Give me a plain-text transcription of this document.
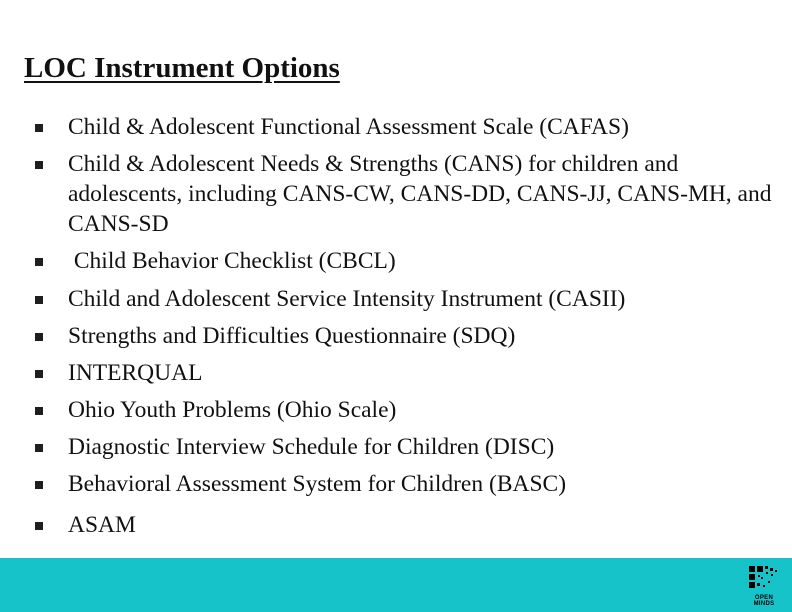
LOC Instrument Options
Child & Adolescent Functional Assessment Scale (CAFAS)
Child & Adolescent Needs & Strengths (CANS) for children and adolescents, including CANS-CW, CANS-DD, CANS-JJ, CANS-MH, and CANS-SD
Child Behavior Checklist (CBCL)
Child and Adolescent Service Intensity Instrument (CASII)
Strengths and Difficulties Questionnaire (SDQ)
INTERQUAL
Ohio Youth Problems (Ohio Scale)
Diagnostic Interview Schedule for Children (DISC)
Behavioral Assessment System for Children (BASC)
ASAM
OPEN MINDS
